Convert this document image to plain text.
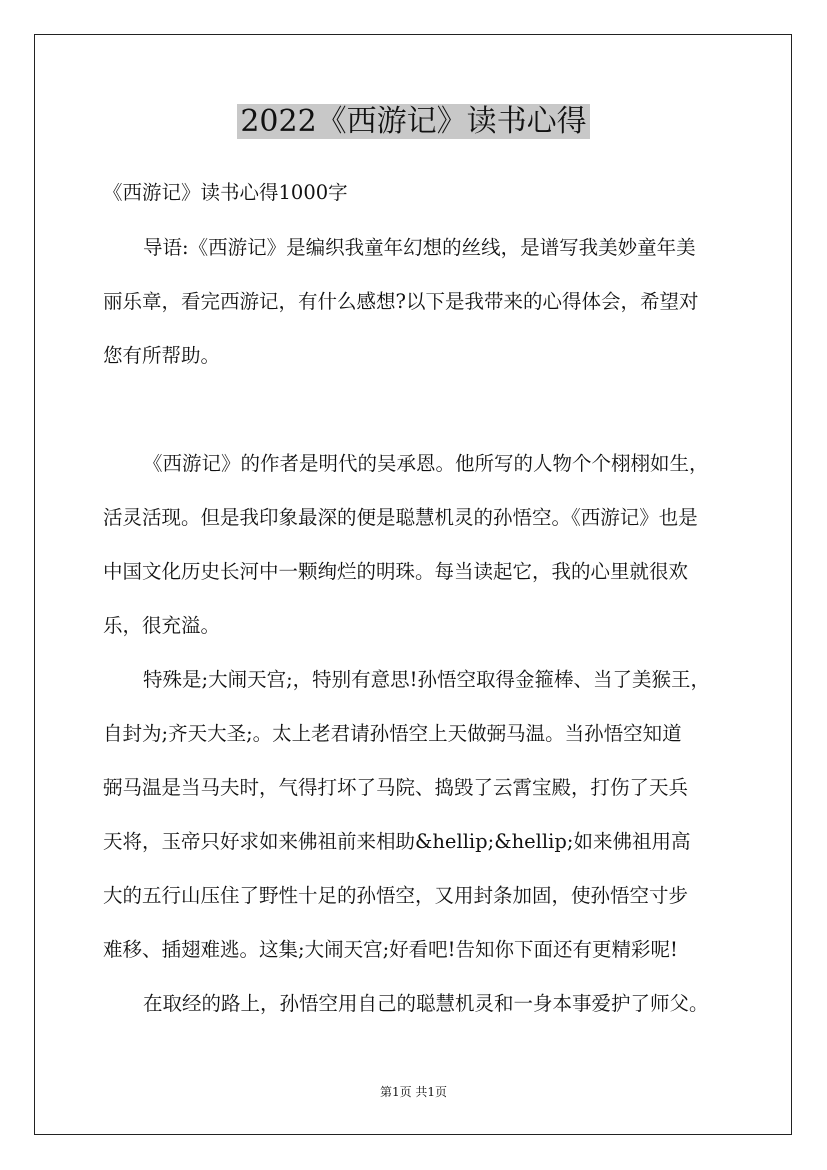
2022《西游记》读书心得
《西游记》读书心得1000字
导语:《西游记》是编织我童年幻想的丝线，是谱写我美妙童年美
丽乐章，看完西游记，有什么感想?以下是我带来的心得体会，希望对
您有所帮助。
《西游记》的作者是明代的吴承恩。他所写的人物个个栩栩如生，
活灵活现。但是我印象最深的便是聪慧机灵的孙悟空。《西游记》也是
中国文化历史长河中一颗绚烂的明珠。每当读起它，我的心里就很欢
乐，很充溢。
特殊是;大闹天宫;，特别有意思!孙悟空取得金箍棒、当了美猴王，
自封为;齐天大圣;。太上老君请孙悟空上天做弼马温。当孙悟空知道
弼马温是当马夫时，气得打坏了马院、捣毁了云霄宝殿，打伤了天兵
天将，玉帝只好求如来佛祖前来相助&hellip;&hellip;如来佛祖用高
大的五行山压住了野性十足的孙悟空，又用封条加固，使孙悟空寸步
难移、插翅难逃。这集;大闹天宫;好看吧!告知你下面还有更精彩呢!
在取经的路上，孙悟空用自己的聪慧机灵和一身本事爱护了师父。
第1页 共1页
